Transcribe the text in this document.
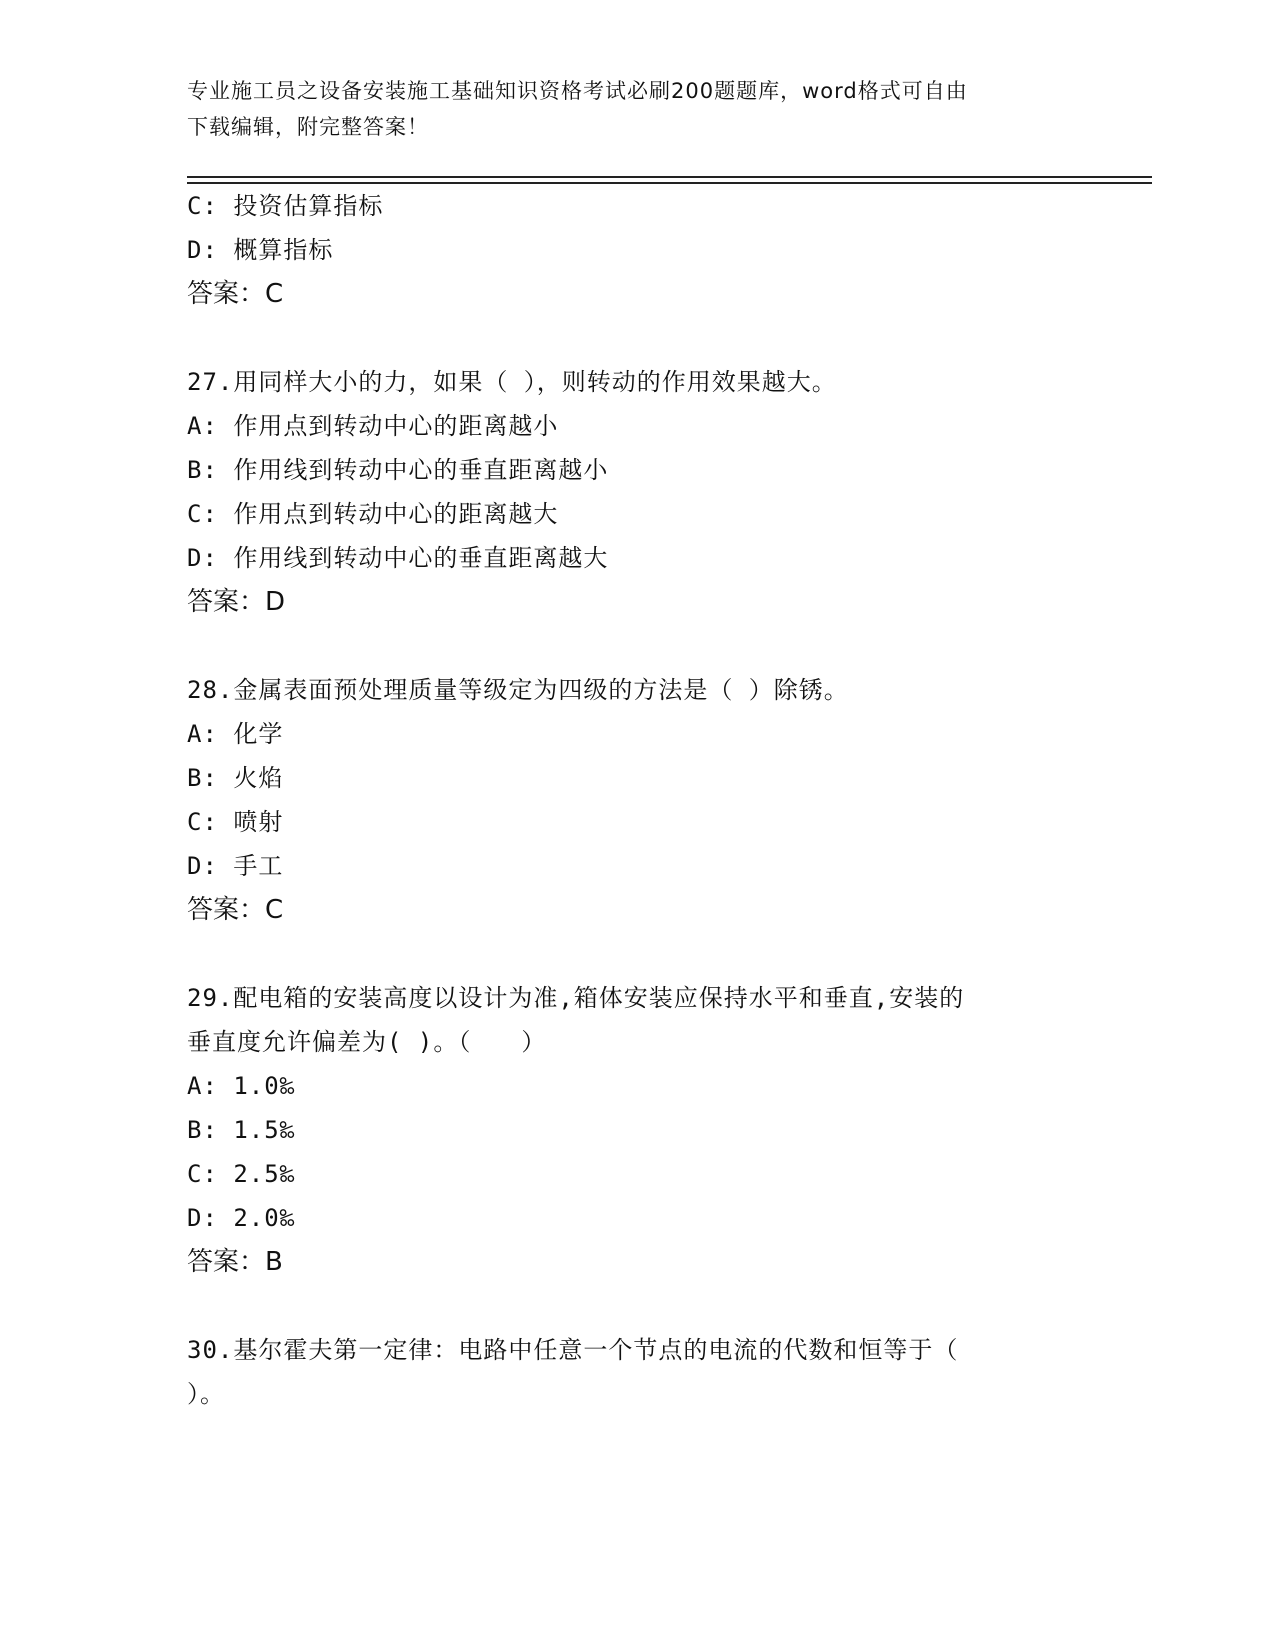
专业施工员之设备安装施工基础知识资格考试必刷200题题库，word格式可自由
下载编辑，附完整答案！
C: 投资估算指标
D: 概算指标
答案：C
27.用同样大小的力，如果（ ），则转动的作用效果越大。
A: 作用点到转动中心的距离越小
B: 作用线到转动中心的垂直距离越小
C: 作用点到转动中心的距离越大
D: 作用线到转动中心的垂直距离越大
答案：D
28.金属表面预处理质量等级定为四级的方法是（ ）除锈。
A: 化学
B: 火焰
C: 喷射
D: 手工
答案：C
29.配电箱的安装高度以设计为准,箱体安装应保持水平和垂直,安装的
垂直度允许偏差为( )。（　　）
A: 1.0‰
B: 1.5‰
C: 2.5‰
D: 2.0‰
答案：B
30.基尔霍夫第一定律：电路中任意一个节点的电流的代数和恒等于（
）。
